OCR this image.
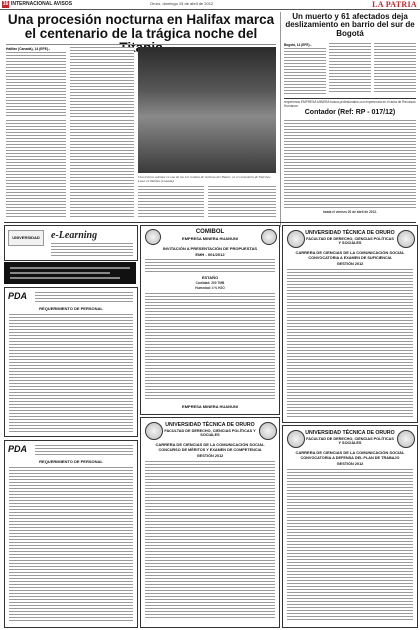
16 INTERNACIONAL AVISOS	Oruro, domingo 15 de abril de 2012	LA PATRIA
Una procesión nocturna en Halifax marca el centenario de la trágica noche del
Halifax (Canadá), 14 (EFE).-
Una lectura solemne en una de las 121 tumbas de víctimas del Titanic, en el cementerio de Fairview Lawn en Halifax (Canadá).
Un muerto y 61 afectados deja deslizamiento en barrio del sur de Bogotá
Bogotá, 14 (EFE).-
requerimos EMPRESA MINERA busca profesionales con experiencia en el area de Recursos Humanos:
Contador (Ref: RP - 017/12)
hasta el viernes 20 de abril de 2012.
UNIVERSIDAD	e-Learning
PDA
REQUERIMIENTO DE PERSONAL
PDA
REQUERIMIENTO DE PERSONAL
COMIBOL
EMPRESA MINERA HUANUNI
INVITACIÓN A PRESENTACIÓN DE PROPUESTAS
EMH - 001/2012
ESTAÑO
Cantidad: 200 TMB
Humedad: 4 % H2O
EMPRESA MINERA HUANUNI
UNIVERSIDAD TÉCNICA DE ORURO
FACULTAD DE DERECHO, CIENCIAS POLÍTICAS Y SOCIALES
CARRERA DE CIENCIAS DE LA COMUNICACIÓN SOCIAL
CONCURSO DE MÉRITOS Y EXAMEN DE COMPETENCIA
GESTIÓN 2012
UNIVERSIDAD TÉCNICA DE ORURO
FACULTAD DE DERECHO, CIENCIAS POLÍTICAS Y SOCIALES
CARRERA DE CIENCIAS DE LA COMUNICACIÓN SOCIAL
CONVOCATORIA A EXAMEN DE SUFICIENCIA
GESTIÓN 2012
UNIVERSIDAD TÉCNICA DE ORURO
FACULTAD DE DERECHO, CIENCIAS POLÍTICAS Y SOCIALES
CARRERA DE CIENCIAS DE LA COMUNICACIÓN SOCIAL
CONVOCATORIA A DEFENSA DEL PLAN DE TRABAJO
GESTIÓN 2012
